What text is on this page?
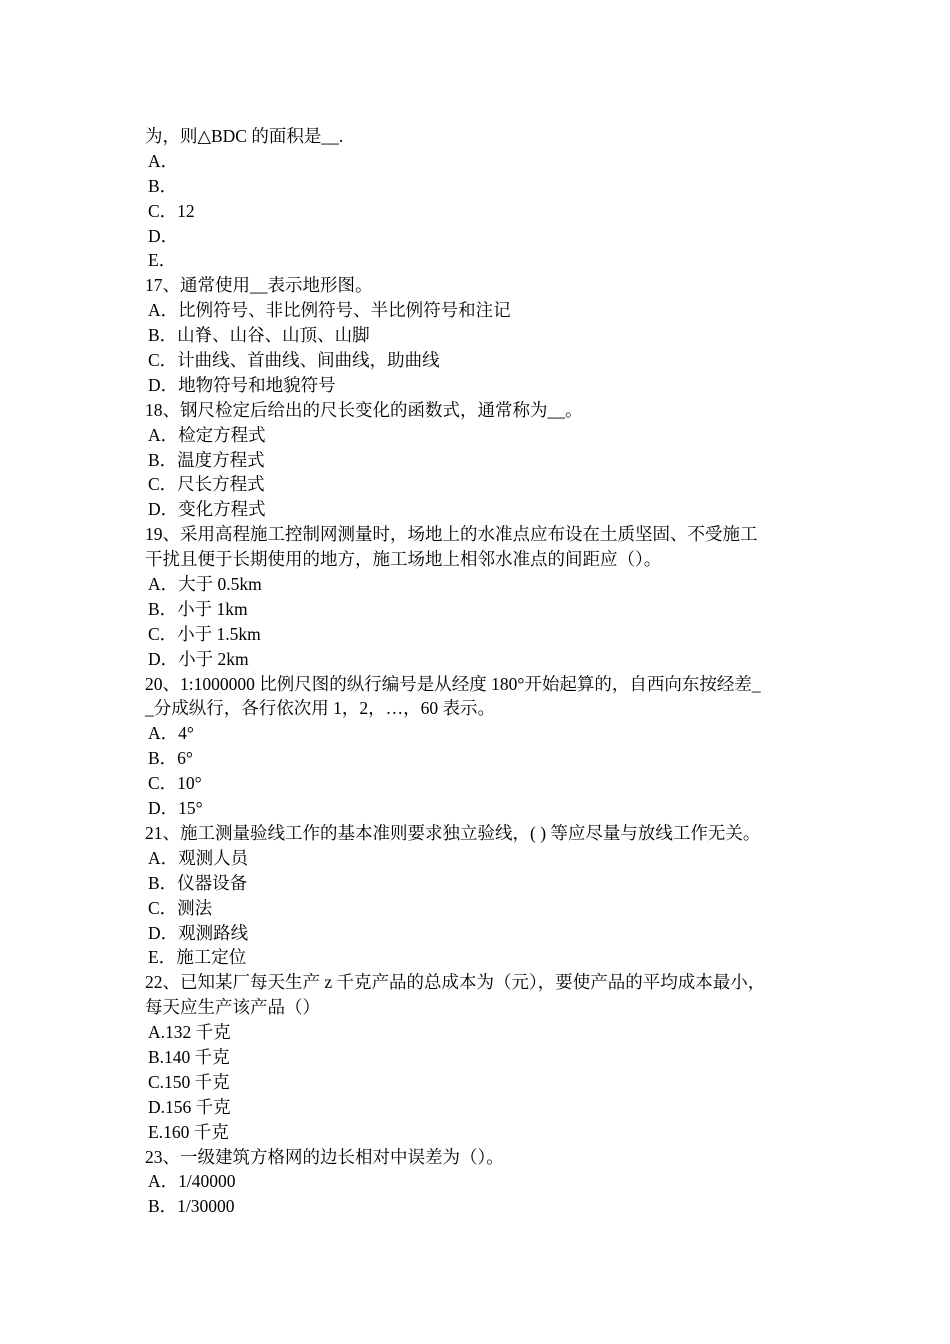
为，则△BDC 的面积是__.
A．
B．
C．12
D．
E．
17、通常使用__表示地形图。
A．比例符号、非比例符号、半比例符号和注记
B．山脊、山谷、山顶、山脚
C．计曲线、首曲线、间曲线，助曲线
D．地物符号和地貌符号
18、钢尺检定后给出的尺长变化的函数式，通常称为__。
A．检定方程式
B．温度方程式
C．尺长方程式
D．变化方程式
19、采用高程施工控制网测量时，场地上的水准点应布设在土质坚固、不受施工
干扰且便于长期使用的地方，施工场地上相邻水准点的间距应（）。
A．大于 0.5km
B．小于 1km
C．小于 1.5km
D．小于 2km
20、1:1000000 比例尺图的纵行编号是从经度 180°开始起算的，自西向东按经差_
_分成纵行，各行依次用 1，2，…，60 表示。
A．4°
B．6°
C．10°
D．15°
21、施工测量验线工作的基本准则要求独立验线，( ) 等应尽量与放线工作无关。
A．观测人员
B．仪器设备
C．测法
D．观测路线
E．施工定位
22、已知某厂每天生产 z 千克产品的总成本为（元），要使产品的平均成本最小，
每天应生产该产品（）
A.132 千克
B.140 千克
C.150 千克
D.156 千克
E.160 千克
23、一级建筑方格网的边长相对中误差为（）。
A．1/40000
B．1/30000
